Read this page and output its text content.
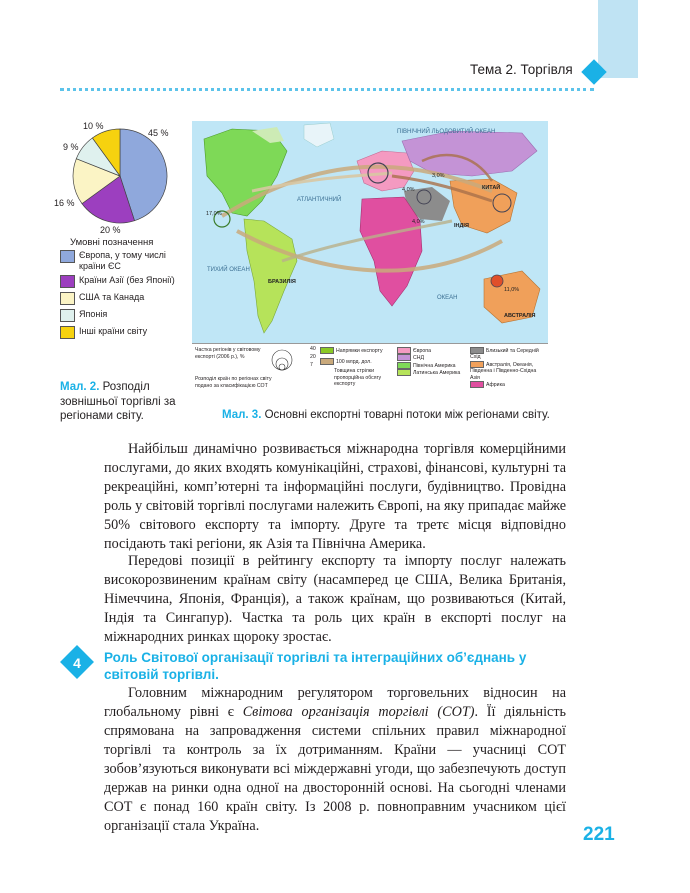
Тема 2. Торгівля
45 %
20 %
16 %
9 %
10 %
Умовні позначення
Європа, у тому числі країни ЄС
Країни Азії (без Японії)
США та Канада
Японія
Інші країни світу
Мал. 2. Розподіл зовнішньої торгівлі за регіонами світу.
ПІВНІЧНИЙ ЛЬОДОВИТИЙ ОКЕАН
АТЛАНТИЧНИЙ
ТИХИЙ ОКЕАН
ОКЕАН
БРАЗИЛІЯ
АВСТРАЛІЯ
ІНДІЯ
КИТАЙ
17,0%
3,0%
4,0%
11,0%
4,0%
Частка регіонів у світовому експорті (2006 р.), %
40
20
7
Розподіл країн по регіонах світу подано за класифікацією СОТ
Напрямки експорту
100 млрд. дол.
Товщина стрілки пропорційна обсягу експорту
Європа
СНД
Північна Америка
Латинська Америка
Близький та Середній Схід
Австралія, Океанія, Південна і Південно-Східна Азія
Африка
Мал. 3. Основні експортні товарні потоки між регіонами світу.

Найбільш динамічно розвивається міжнародна торгівля комерційними послугами, до яких входять комунікаційні, страхові, фінансові, культурні та рекреаційні, комп’ютерні та інформаційні послуги, будівництво. Провідна роль у світовій торгівлі послугами належить Європі, на яку припадає майже 50% світового експорту та імпорту. Друге та третє місця відповідно посідають такі регіони, як Азія та Північна Америка.

Передові позиції в рейтингу експорту та імпорту послуг належать високорозвиненим країнам світу (насамперед це США, Велика Британія, Німеччина, Японія, Франція), а також країнам, що розвиваються (Китай, Індія та Сингапур). Частка та роль цих країн в експорті послуг на міжнародних ринках щороку зростає.

4	Роль Світової організації торгівлі та інтеграційних об’єднань у світовій торгівлі.

Головним міжнародним регулятором торговельних відносин на глобальному рівні є Світова організація торгівлі (СОТ). Її діяльність спрямована на запровадження системи спільних правил міжнародної торгівлі та контроль за їх дотриманням. Країни — учасниці СОТ зобов’язуються виконувати всі міждержавні угоди, що забезпечують доступ держав на ринки одна одної на двосторонній основі. На сьогодні членами СОТ є понад 160 країн світу. Із 2008 р. повноправним учасником цієї організації стала Україна.	221
